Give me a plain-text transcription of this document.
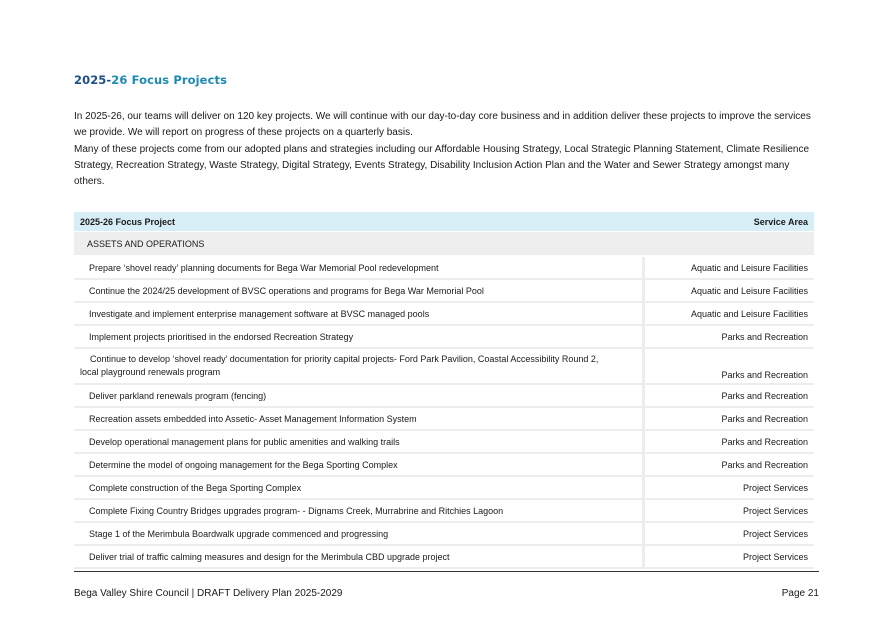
2025-26 Focus Projects
In 2025-26, our teams will deliver on 120 key projects. We will continue with our day-to-day core business and in addition deliver these projects to improve the services we provide. We will report on progress of these projects on a quarterly basis.
Many of these projects come from our adopted plans and strategies including our Affordable Housing Strategy, Local Strategic Planning Statement, Climate Resilience Strategy, Recreation Strategy, Waste Strategy, Digital Strategy, Events Strategy, Disability Inclusion Action Plan and the Water and Sewer Strategy amongst many others.
2025-26 Focus Project	Service Area
ASSETS AND OPERATIONS	
Prepare ‘shovel ready’ planning documents for Bega War Memorial Pool redevelopment	Aquatic and Leisure Facilities
Continue the 2024/25 development of BVSC operations and programs for Bega War Memorial Pool	Aquatic and Leisure Facilities
Investigate and implement enterprise management software at BVSC managed pools	Aquatic and Leisure Facilities
Implement projects prioritised in the endorsed Recreation Strategy	Parks and Recreation
Continue to develop ‘shovel ready’ documentation for priority capital projects- Ford Park Pavilion, Coastal Accessibility Round 2,
local playground renewals program	Parks and Recreation
Deliver parkland renewals program (fencing)	Parks and Recreation
Recreation assets embedded into Assetic- Asset Management Information System	Parks and Recreation
Develop operational management plans for public amenities and walking trails	Parks and Recreation
Determine the model of ongoing management for the Bega Sporting Complex	Parks and Recreation
Complete construction of the Bega Sporting Complex	Project Services
Complete Fixing Country Bridges upgrades program- - Dignams Creek, Murrabrine and Ritchies Lagoon	Project Services
Stage 1 of the Merimbula Boardwalk upgrade commenced and progressing	Project Services
Deliver trial of traffic calming measures and design for the Merimbula CBD upgrade project	Project Services
Bega Valley Shire Council | DRAFT Delivery Plan 2025-2029	Page 21
